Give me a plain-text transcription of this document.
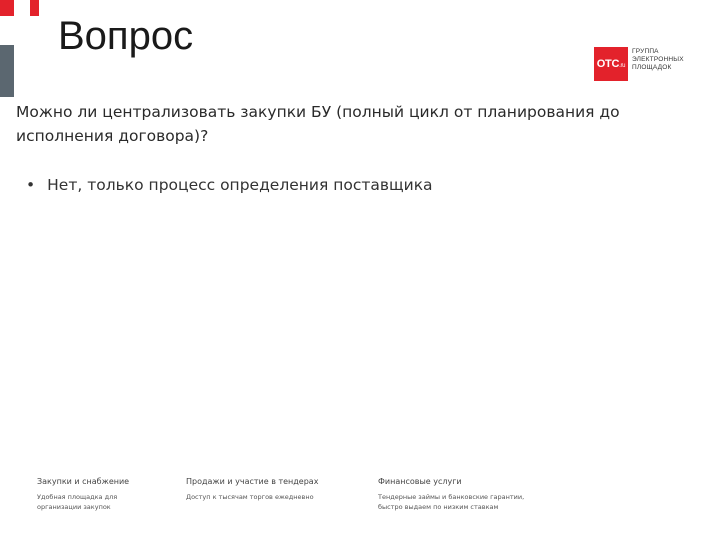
Вопрос
OTC.ru
ГРУППА
ЭЛЕКТРОННЫХ
ПЛОЩАДОК

Можно ли централизовать закупки БУ (полный цикл от планирования до исполнения договора)?

• Нет, только процесс определения поставщика
Закупки и снабжение
Удобная площадка для
организации закупок
Продажи и участие в тендерах
Доступ к тысячам торгов ежедневно
Финансовые услуги
Тендерные займы и банковские гарантии,
быстро выдаем по низким ставкам
